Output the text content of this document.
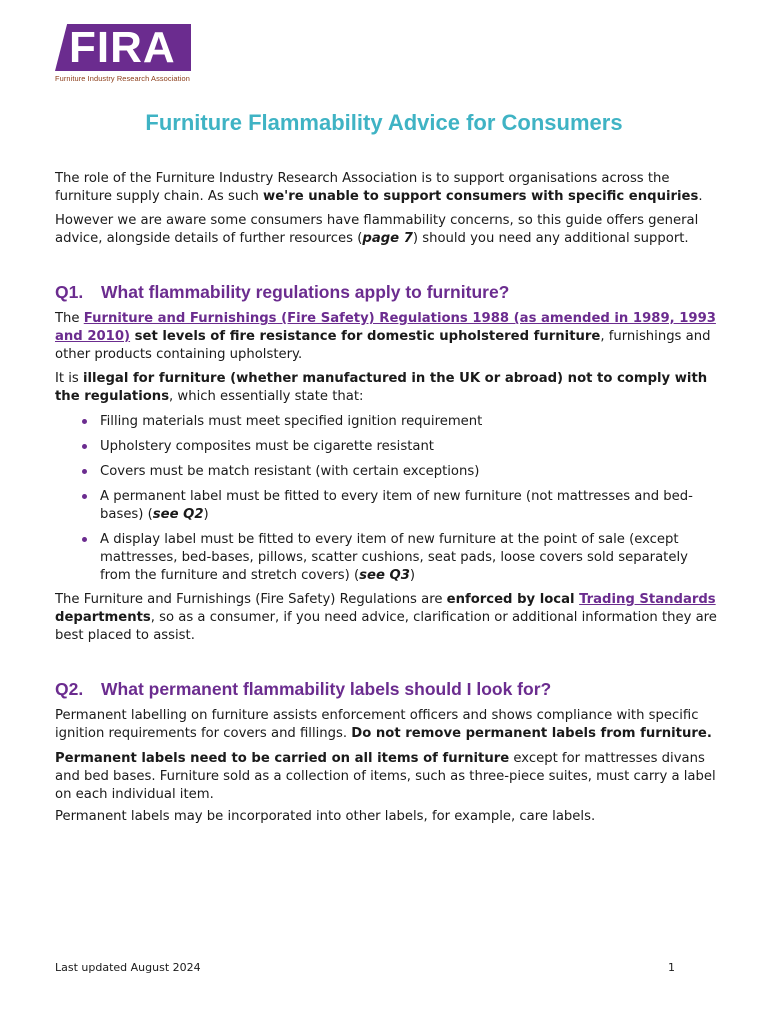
FIRA
Furniture Industry Research Association
Furniture Flammability Advice for Consumers

The role of the Furniture Industry Research Association is to support organisations across the furniture supply chain. As such we're unable to support consumers with specific enquiries.

However we are aware some consumers have flammability concerns, so this guide offers general advice, alongside details of further resources (page 7) should you need any additional support.

Q1. What flammability regulations apply to furniture?

The Furniture and Furnishings (Fire Safety) Regulations 1988 (as amended in 1989, 1993 and 2010) set levels of fire resistance for domestic upholstered furniture, furnishings and other products containing upholstery.

It is illegal for furniture (whether manufactured in the UK or abroad) not to comply with the regulations, which essentially state that:

Filling materials must meet specified ignition requirement
Upholstery composites must be cigarette resistant
Covers must be match resistant (with certain exceptions)
A permanent label must be fitted to every item of new furniture (not mattresses and bed-bases) (see Q2)
A display label must be fitted to every item of new furniture at the point of sale (except mattresses, bed-bases, pillows, scatter cushions, seat pads, loose covers sold separately from the furniture and stretch covers) (see Q3)

The Furniture and Furnishings (Fire Safety) Regulations are enforced by local Trading Standards departments, so as a consumer, if you need advice, clarification or additional information they are best placed to assist.

Q2. What permanent flammability labels should I look for?

Permanent labelling on furniture assists enforcement officers and shows compliance with specific ignition requirements for covers and fillings. Do not remove permanent labels from furniture.

Permanent labels need to be carried on all items of furniture except for mattresses divans and bed bases. Furniture sold as a collection of items, such as three-piece suites, must carry a label on each individual item.

Permanent labels may be incorporated into other labels, for example, care labels.

Last updated August 2024	1
